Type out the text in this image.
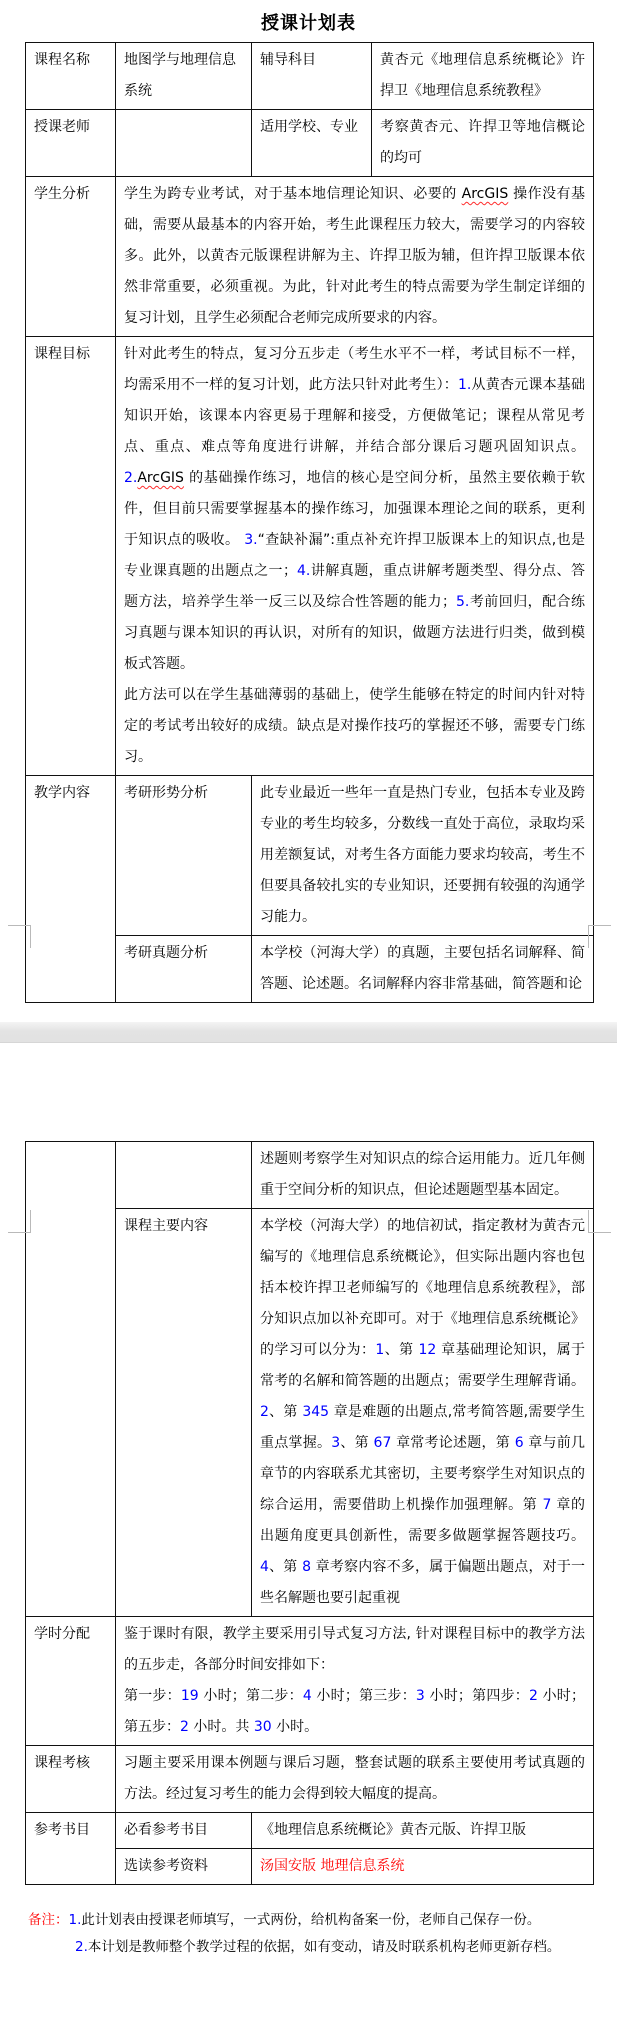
授课计划表
课程名称	地图学与地理信息系统	辅导科目	黄杏元《地理信息系统概论》许捍卫《地理信息系统教程》
授课老师		适用学校、专业	考察黄杏元、许捍卫等地信概论的均可
学生分析	学生为跨专业考试，对于基本地信理论知识、必要的 ArcGIS 操作没有基础，需要从最基本的内容开始，考生此课程压力较大，需要学习的内容较多。此外，以黄杏元版课程讲解为主、许捍卫版为辅，但许捍卫版课本依然非常重要，必须重视。为此，针对此考生的特点需要为学生制定详细的复习计划，且学生必须配合老师完成所要求的内容。		
课程目标	针对此考生的特点，复习分五步走（考生水平不一样，考试目标不一样，均需采用不一样的复习计划，此方法只针对此考生）：1.从黄杏元课本基础知识开始，该课本内容更易于理解和接受，方便做笔记；课程从常见考点、重点、难点等角度进行讲解，并结合部分课后习题巩固知识点。2.ArcGIS 的基础操作练习，地信的核心是空间分析，虽然主要依赖于软件，但目前只需要掌握基本的操作练习，加强课本理论之间的联系，更利于知识点的吸收。 3.“查缺补漏”:重点补充许捍卫版课本上的知识点,也是专业课真题的出题点之一；4.讲解真题，重点讲解考题类型、得分点、答题方法，培养学生举一反三以及综合性答题的能力；5.考前回归，配合练习真题与课本知识的再认识，对所有的知识，做题方法进行归类，做到模板式答题。
此方法可以在学生基础薄弱的基础上，使学生能够在特定的时间内针对特定的考试考出较好的成绩。缺点是对操作技巧的掌握还不够，需要专门练习。		
教学内容	考研形势分析	此专业最近一些年一直是热门专业，包括本专业及跨专业的考生均较多，分数线一直处于高位，录取均采用差额复试，对考生各方面能力要求均较高，考生不但要具备较扎实的专业知识，还要拥有较强的沟通学习能力。	
	考研真题分析	本学校（河海大学）的真题，主要包括名词解释、简答题、论述题。名词解释内容非常基础，简答题和论	
		述题则考察学生对知识点的综合运用能力。近几年侧重于空间分析的知识点，但论述题题型基本固定。
	课程主要内容	本学校（河海大学）的地信初试，指定教材为黄杏元编写的《地理信息系统概论》，但实际出题内容也包括本校许捍卫老师编写的《地理信息系统教程》，部分知识点加以补充即可。对于《地理信息系统概论》的学习可以分为：1、第 12 章基础理论知识，属于常考的名解和简答题的出题点；需要学生理解背诵。2、第 345 章是难题的出题点,常考简答题,需要学生重点掌握。3、第 67 章常考论述题，第 6 章与前几章节的内容联系尤其密切，主要考察学生对知识点的综合运用，需要借助上机操作加强理解。第 7 章的出题角度更具创新性，需要多做题掌握答题技巧。4、第 8 章考察内容不多，属于偏题出题点，对于一些名解题也要引起重视
学时分配	鉴于课时有限，教学主要采用引导式复习方法, 针对课程目标中的教学方法的五步走，各部分时间安排如下：
第一步：19 小时；第二步：4 小时；第三步：3 小时；第四步：2 小时；第五步：2 小时。共 30 小时。	
课程考核	习题主要采用课本例题与课后习题，整套试题的联系主要使用考试真题的方法。经过复习考生的能力会得到较大幅度的提高。	
参考书目	必看参考书目	《地理信息系统概论》黄杏元版、许捍卫版
	选读参考资料	汤国安版 地理信息系统
备注：1.此计划表由授课老师填写，一式两份，给机构备案一份，老师自己保存一份。
2.本计划是教师整个教学过程的依据，如有变动，请及时联系机构老师更新存档。
